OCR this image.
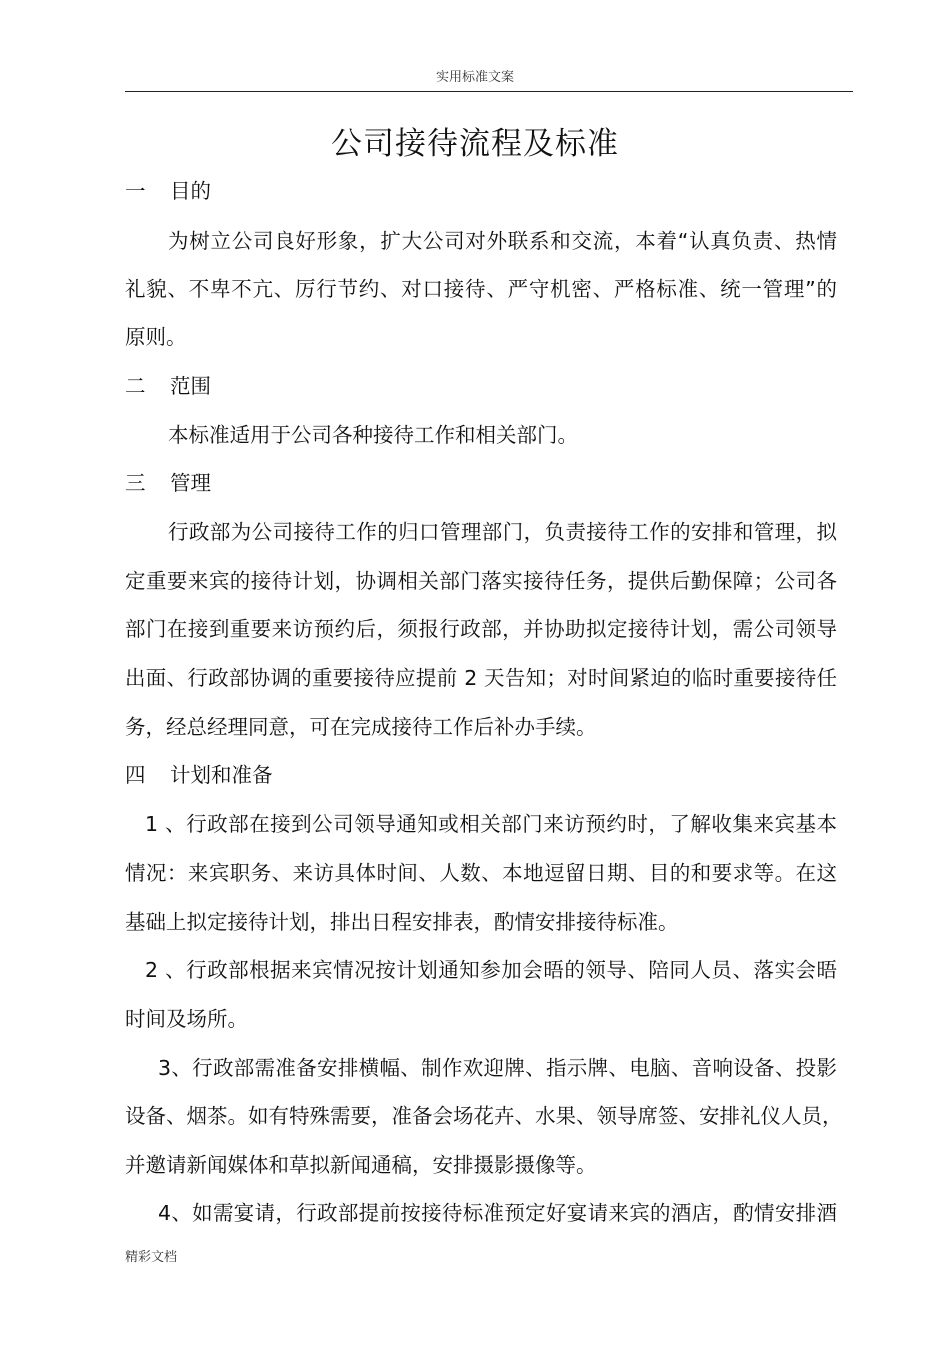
实用标准文案
公司接待流程及标准
一 目的
为树立公司良好形象，扩大公司对外联系和交流，本着“认真负责、热情
礼貌、不卑不亢、厉行节约、对口接待、严守机密、严格标准、统一管理”的
原则。
二 范围
本标准适用于公司各种接待工作和相关部门。
三 管理
行政部为公司接待工作的归口管理部门，负责接待工作的安排和管理，拟
定重要来宾的接待计划，协调相关部门落实接待任务，提供后勤保障；公司各
部门在接到重要来访预约后，须报行政部，并协助拟定接待计划，需公司领导
出面、行政部协调的重要接待应提前 2 天告知；对时间紧迫的临时重要接待任
务，经总经理同意，可在完成接待工作后补办手续。
四 计划和准备
1 、行政部在接到公司领导通知或相关部门来访预约时，了解收集来宾基本
情况：来宾职务、来访具体时间、人数、本地逗留日期、目的和要求等。在这
基础上拟定接待计划，排出日程安排表，酌情安排接待标准。
2 、行政部根据来宾情况按计划通知参加会晤的领导、陪同人员、落实会晤
时间及场所。
3、行政部需准备安排横幅、制作欢迎牌、指示牌、电脑、音响设备、投影
设备、烟茶。如有特殊需要，准备会场花卉、水果、领导席签、安排礼仪人员，
并邀请新闻媒体和草拟新闻通稿，安排摄影摄像等。
4、如需宴请，行政部提前按接待标准预定好宴请来宾的酒店，酌情安排酒
精彩文档
